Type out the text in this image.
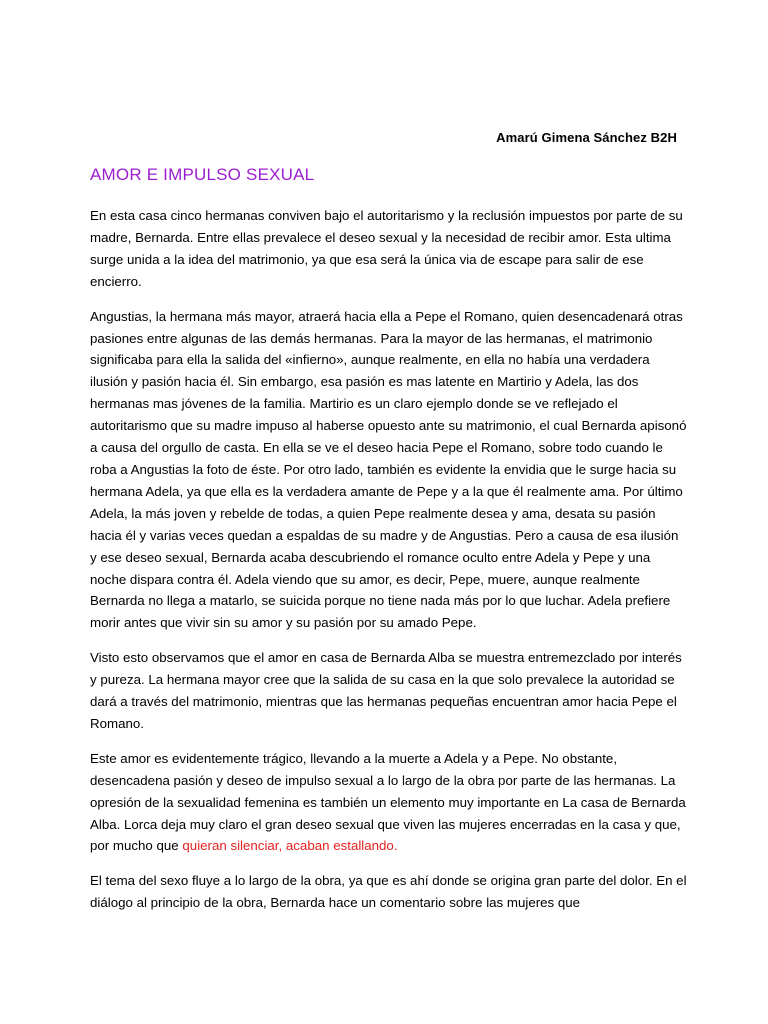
Amarú Gimena Sánchez B2H
AMOR E IMPULSO SEXUAL

En esta casa cinco hermanas conviven bajo el autoritarismo y la reclusión impuestos por parte de su madre, Bernarda. Entre ellas prevalece el deseo sexual y la necesidad de recibir amor. Esta ultima surge unida a la idea del matrimonio, ya que esa será la única via de escape para salir de ese encierro.

Angustias, la hermana más mayor, atraerá hacia ella a Pepe el Romano, quien desencadenará otras pasiones entre algunas de las demás hermanas. Para la mayor de las hermanas, el matrimonio significaba para ella la salida del «infierno», aunque realmente, en ella no había una verdadera ilusión y pasión hacia él. Sin embargo, esa pasión es mas latente en Martirio y Adela, las dos hermanas mas jóvenes de la familia. Martirio es un claro ejemplo donde se ve reflejado el autoritarismo que su madre impuso al haberse opuesto ante su matrimonio, el cual Bernarda apisonó a causa del orgullo de casta. En ella se ve el deseo hacia Pepe el Romano, sobre todo cuando le roba a Angustias la foto de éste. Por otro lado, también es evidente la envidia que le surge hacia su hermana Adela, ya que ella es la verdadera amante de Pepe y a la que él realmente ama. Por último Adela, la más joven y rebelde de todas, a quien Pepe realmente desea y ama, desata su pasión hacia él y varias veces quedan a espaldas de su madre y de Angustias. Pero a causa de esa ilusión y ese deseo sexual, Bernarda acaba descubriendo el romance oculto entre Adela y Pepe y una noche dispara contra él. Adela viendo que su amor, es decir, Pepe, muere, aunque realmente Bernarda no llega a matarlo, se suicida porque no tiene nada más por lo que luchar. Adela prefiere morir antes que vivir sin su amor y su pasión por su amado Pepe.

Visto esto observamos que el amor en casa de Bernarda Alba se muestra entremezclado por interés y pureza. La hermana mayor cree que la salida de su casa en la que solo prevalece la autoridad se dará a través del matrimonio, mientras que las hermanas pequeñas encuentran amor hacia Pepe el Romano.

Este amor es evidentemente trágico, llevando a la muerte a Adela y a Pepe. No obstante, desencadena pasión y deseo de impulso sexual a lo largo de la obra por parte de las hermanas. La opresión de la sexualidad femenina es también un elemento muy importante en La casa de Bernarda Alba. Lorca deja muy claro el gran deseo sexual que viven las mujeres encerradas en la casa y que, por mucho que quieran silenciar, acaban estallando.

El tema del sexo fluye a lo largo de la obra, ya que es ahí donde se origina gran parte del dolor. En el diálogo al principio de la obra, Bernarda hace un comentario sobre las mujeres que
